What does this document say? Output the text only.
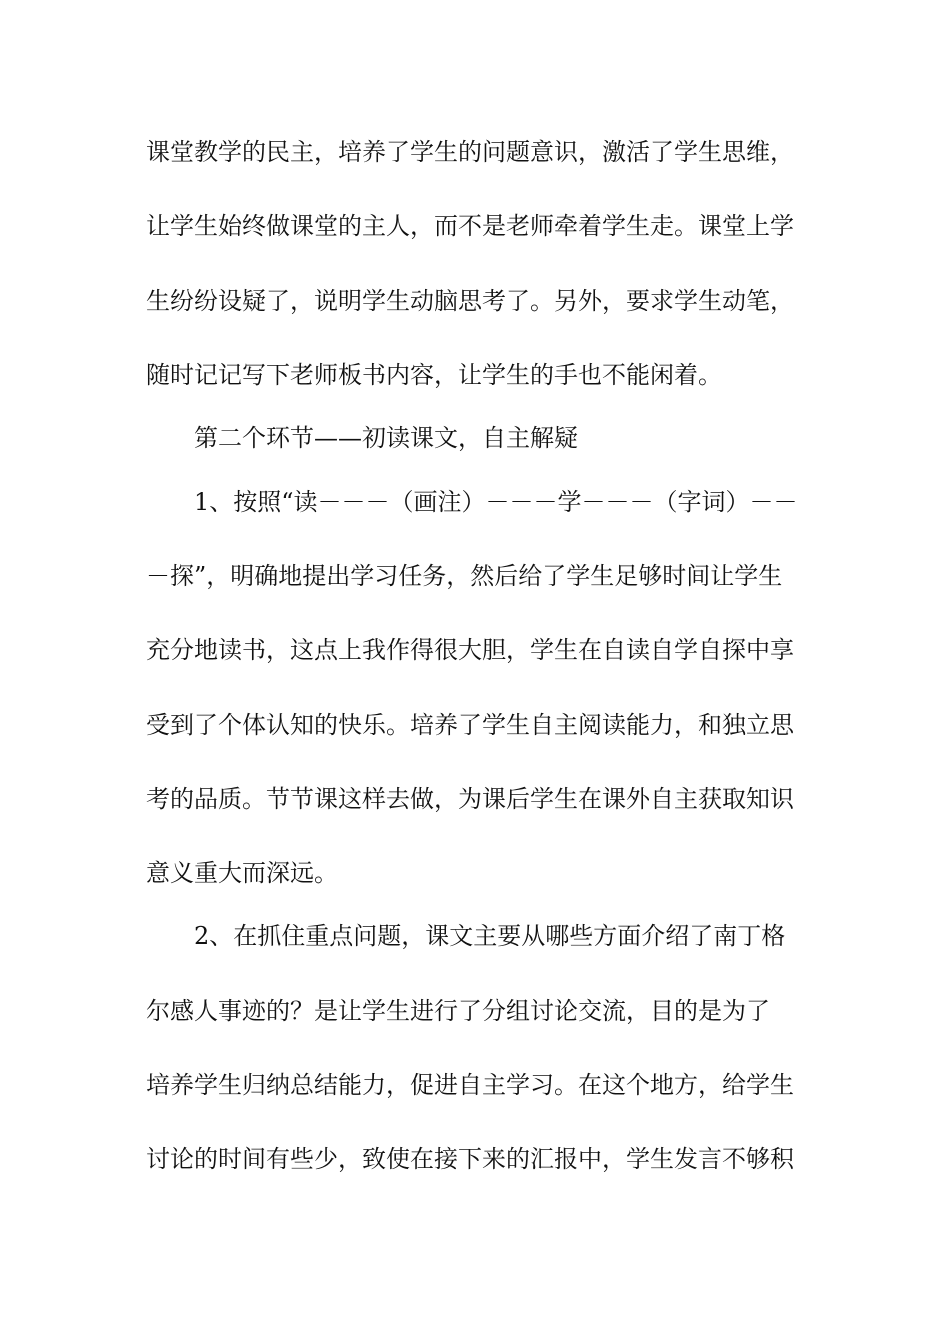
课堂教学的民主，培养了学生的问题意识，激活了学生思维，
让学生始终做课堂的主人，而不是老师牵着学生走。课堂上学
生纷纷设疑了，说明学生动脑思考了。另外，要求学生动笔，
随时记记写下老师板书内容，让学生的手也不能闲着。
第二个环节——初读课文，自主解疑
1、按照“读－－－（画注）－－－学－－－（字词）－－
－探”，明确地提出学习任务，然后给了学生足够时间让学生
充分地读书，这点上我作得很大胆，学生在自读自学自探中享
受到了个体认知的快乐。培养了学生自主阅读能力，和独立思
考的品质。节节课这样去做，为课后学生在课外自主获取知识
意义重大而深远。
2、在抓住重点问题，课文主要从哪些方面介绍了南丁格
尔感人事迹的？是让学生进行了分组讨论交流，目的是为了
培养学生归纳总结能力，促进自主学习。在这个地方，给学生
讨论的时间有些少，致使在接下来的汇报中，学生发言不够积
